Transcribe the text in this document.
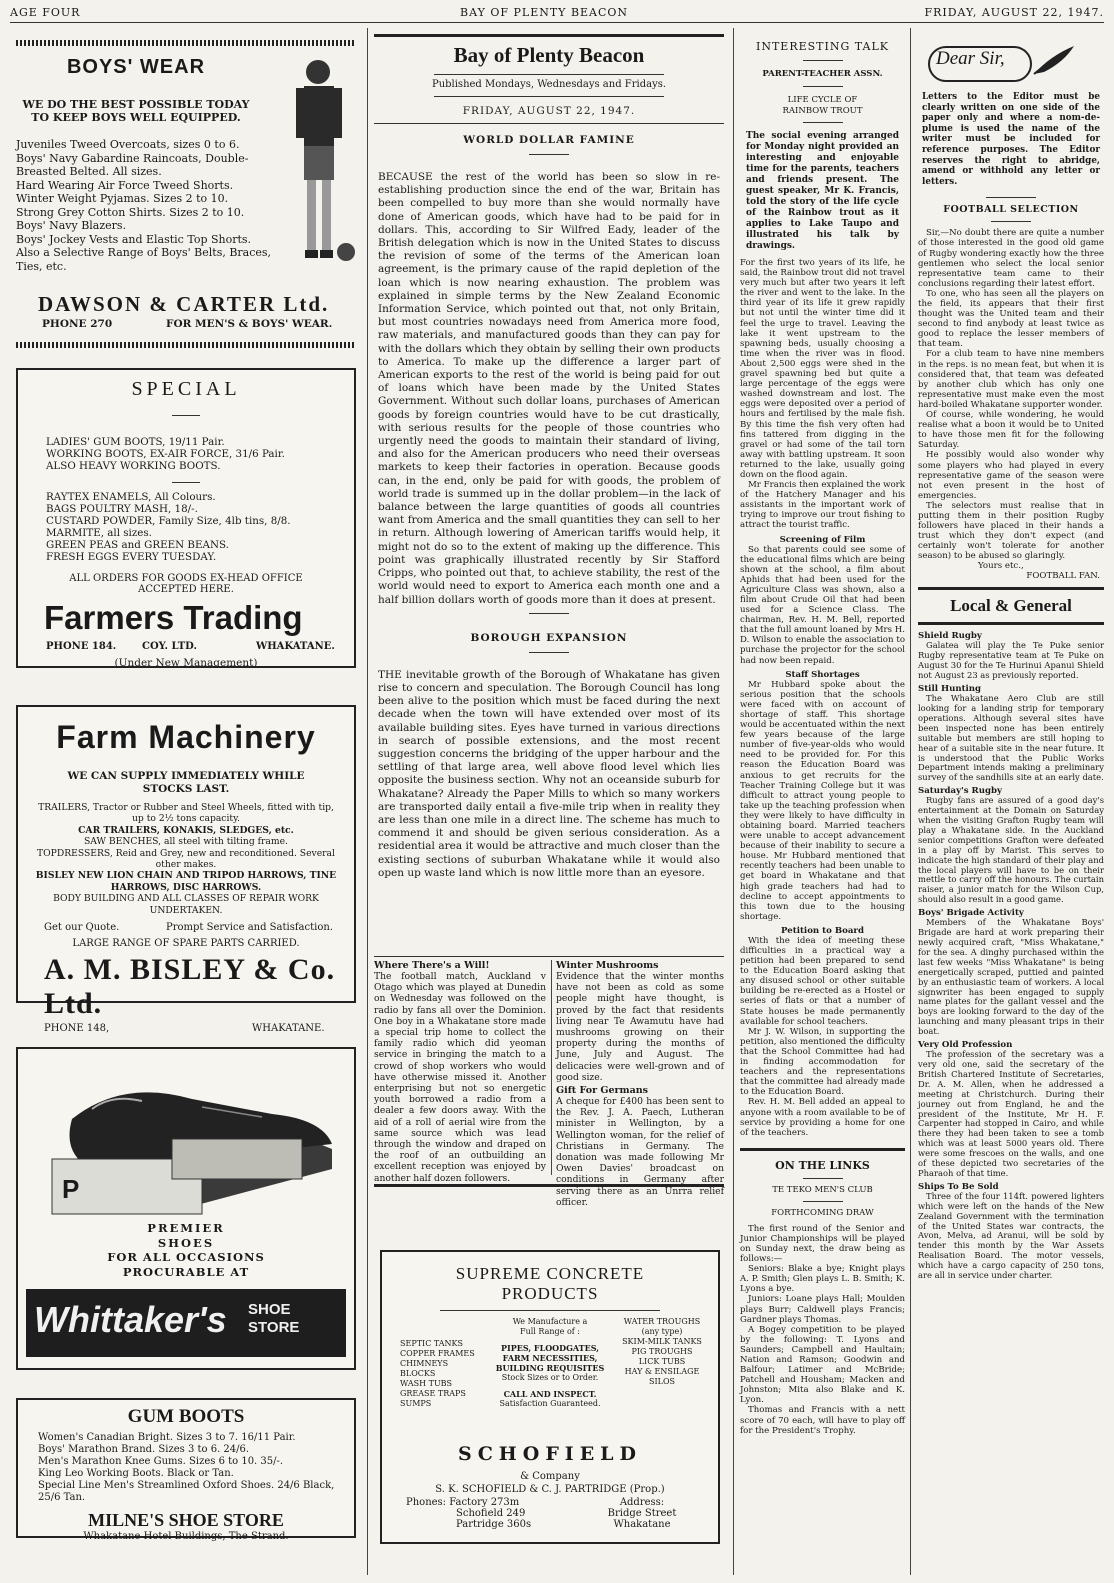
AGE FOUR	BAY OF PLENTY BEACON	FRIDAY, AUGUST 22, 1947.
BOYS' WEAR

WE DO THE BEST POSSIBLE TODAY TO KEEP BOYS WELL EQUIPPED.

Juveniles Tweed Overcoats, sizes 0 to 6.

Boys' Navy Gabardine Raincoats, Double-Breasted Belted. All sizes.

Hard Wearing Air Force Tweed Shorts.

Winter Weight Pyjamas. Sizes 2 to 10.

Strong Grey Cotton Shirts. Sizes 2 to 10.

Boys' Navy Blazers.

Boys' Jockey Vests and Elastic Top Shorts.

Also a Selective Range of Boys' Belts, Braces, Ties, etc.

DAWSON & CARTER Ltd.
PHONE 270	FOR MEN'S & BOYS' WEAR.
SPECIAL

LADIES' GUM BOOTS, 19/11 Pair.

WORKING BOOTS, EX-AIR FORCE, 31/6 Pair.

ALSO HEAVY WORKING BOOTS.

RAYTEX ENAMELS, All Colours.

BAGS POULTRY MASH, 18/-.

CUSTARD POWDER, Family Size, 4lb tins, 8/8.

MARMITE, all sizes.

GREEN PEAS and GREEN BEANS.

FRESH EGGS EVERY TUESDAY.

ALL ORDERS FOR GOODS EX-HEAD OFFICE ACCEPTED HERE.

Farmers Trading
PHONE 184.	COY. LTD.	WHAKATANE.

(Under New Management)

Farm Machinery

WE CAN SUPPLY IMMEDIATELY WHILE STOCKS LAST.

TRAILERS, Tractor or Rubber and Steel Wheels, fitted with tip, up to 2½ tons capacity.

CAR TRAILERS, KONAKIS, SLEDGES, etc.

SAW BENCHES, all steel with tilting frame.

TOPDRESSERS, Reid and Grey, new and reconditioned. Several other makes.

BISLEY NEW LION CHAIN AND TRIPOD HARROWS, TINE HARROWS, DISC HARROWS.

BODY BUILDING AND ALL CLASSES OF REPAIR WORK UNDERTAKEN.

Get our Quote.	Prompt Service and Satisfaction.

LARGE RANGE OF SPARE PARTS CARRIED.

A. M. BISLEY & Co. Ltd.
PHONE 148,	WHAKATANE.
P

PREMIER

SHOES

FOR ALL OCCASIONS

PROCURABLE AT

Whittaker's SHOE STORE
GUM BOOTS

Women's Canadian Bright. Sizes 3 to 7. 16/11 Pair.

Boys' Marathon Brand. Sizes 3 to 6. 24/6.

Men's Marathon Knee Gums. Sizes 6 to 10. 35/-.

King Leo Working Boots. Black or Tan.

Special Line Men's Streamlined Oxford Shoes. 24/6 Black, 25/6 Tan.

MILNE'S SHOE STORE

Whakatane Hotel Buildings, The Strand.

Bay of Plenty Beacon

Published Mondays, Wednesdays and Fridays.

FRIDAY, AUGUST 22, 1947.

WORLD DOLLAR FAMINE

BECAUSE the rest of the world has been so slow in re-establishing production since the end of the war, Britain has been compelled to buy more than she would normally have done of American goods, which have had to be paid for in dollars. This, according to Sir Wilfred Eady, leader of the British delegation which is now in the United States to discuss the revision of some of the terms of the American loan agreement, is the primary cause of the rapid depletion of the loan which is now nearing exhaustion. The problem was explained in simple terms by the New Zealand Economic Information Service, which pointed out that, not only Britain, but most countries nowadays need from America more food, raw materials, and manufactured goods than they can pay for with the dollars which they obtain by selling their own products to America. To make up the difference a larger part of American exports to the rest of the world is being paid for out of loans which have been made by the United States Government. Without such dollar loans, purchases of American goods by foreign countries would have to be cut drastically, with serious results for the people of those countries who urgently need the goods to maintain their standard of living, and also for the American producers who need their overseas markets to keep their factories in operation. Because goods can, in the end, only be paid for with goods, the problem of world trade is summed up in the dollar problem—in the lack of balance between the large quantities of goods all countries want from America and the small quantities they can sell to her in return. Although lowering of American tariffs would help, it might not do so to the extent of making up the difference. This point was graphically illustrated recently by Sir Stafford Cripps, who pointed out that, to achieve stability, the rest of the world would need to export to America each month one and a half billion dollars worth of goods more than it does at present.

BOROUGH EXPANSION

THE inevitable growth of the Borough of Whakatane has given rise to concern and speculation. The Borough Council has long been alive to the position which must be faced during the next decade when the town will have extended over most of its available building sites. Eyes have turned in various directions in search of possible extensions, and the most recent suggestion concerns the bridging of the upper harbour and the settling of that large area, well above flood level which lies opposite the business section. Why not an oceanside suburb for Whakatane? Already the Paper Mills to which so many workers are transported daily entail a five-mile trip when in reality they are less than one mile in a direct line. The scheme has much to commend it and should be given serious consideration. As a residential area it would be attractive and much closer than the existing sections of suburban Whakatane while it would also open up waste land which is now little more than an eyesore.

Where There's a Will!

The football match, Auckland v Otago which was played at Dunedin on Wednesday was followed on the radio by fans all over the Dominion. One boy in a Whakatane store made a special trip home to collect the family radio which did yeoman service in bringing the match to a crowd of shop workers who would have otherwise missed it. Another enterprising but not so energetic youth borrowed a radio from a dealer a few doors away. With the aid of a roll of aerial wire from the same source which was lead through the window and draped on the roof of an outbuilding an excellent reception was enjoyed by another half dozen followers.

Winter Mushrooms

Evidence that the winter months have not been as cold as some people might have thought, is proved by the fact that residents living near Te Awamutu have had mushrooms growing on their property during the months of June, July and August. The delicacies were well-grown and of good size.

Gift For Germans

A cheque for £400 has been sent to the Rev. J. A. Paech, Lutheran minister in Wellington, by a Wellington woman, for the relief of Christians in Germany. The donation was made following Mr Owen Davies' broadcast on conditions in Germany after serving there as an Unrra relief officer.

SUPREME CONCRETE PRODUCTS

SEPTIC TANKS

COPPER FRAMES

CHIMNEYS

BLOCKS

WASH TUBS

GREASE TRAPS

SUMPS

We Manufacture a Full Range of :

PIPES, FLOODGATES,

FARM NECESSITIES,

BUILDING REQUISITES

Stock Sizes or to Order.

CALL AND INSPECT.

Satisfaction Guaranteed.

WATER TROUGHS

(any type)

SKIM-MILK TANKS

PIG TROUGHS

LICK TUBS

HAY & ENSILAGE SILOS

SCHOFIELD

& Company

S. K. SCHOFIELD & C. J. PARTRIDGE (Prop.)

Phones: Factory 273m

Schofield 249

Partridge 360s

Address:

Bridge Street

Whakatane

INTERESTING TALK

PARENT-TEACHER ASSN.

LIFE CYCLE OF RAINBOW TROUT

The social evening arranged for Monday night provided an interesting and enjoyable time for the parents, teachers and friends present. The guest speaker, Mr K. Francis, told the story of the life cycle of the Rainbow trout as it applies to Lake Taupo and illustrated his talk by drawings.

For the first two years of its life, he said, the Rainbow trout did not travel very much but after two years it left the river and went to the lake. In the third year of its life it grew rapidly but not until the winter time did it feel the urge to travel. Leaving the lake it went upstream to the spawning beds, usually choosing a time when the river was in flood. About 2,500 eggs were shed in the gravel spawning bed but quite a large percentage of the eggs were washed downstream and lost. The eggs were deposited over a period of hours and fertilised by the male fish. By this time the fish very often had fins tattered from digging in the gravel or had some of the tail torn away with battling upstream. It soon returned to the lake, usually going down on the flood again.

Mr Francis then explained the work of the Hatchery Manager and his assistants in the important work of trying to improve our trout fishing to attract the tourist traffic.

Screening of Film

So that parents could see some of the educational films which are being shown at the school, a film about Aphids that had been used for the Agriculture Class was shown, also a film about Crude Oil that had been used for a Science Class. The chairman, Rev. H. M. Bell, reported that the full amount loaned by Mrs H. D. Wilson to enable the association to purchase the projector for the school had now been repaid.

Staff Shortages

Mr Hubbard spoke about the serious position that the schools were faced with on account of shortage of staff. This shortage would be accentuated within the next few years because of the large number of five-year-olds who would need to be provided for. For this reason the Education Board was anxious to get recruits for the Teacher Training College but it was difficult to attract young people to take up the teaching profession when they were likely to have difficulty in obtaining board. Married teachers were unable to accept advancement because of their inability to secure a house. Mr Hubbard mentioned that recently teachers had been unable to get board in Whakatane and that high grade teachers had had to decline to accept appointments to this town due to the housing shortage.

Petition to Board

With the idea of meeting these difficulties in a practical way a petition had been prepared to send to the Education Board asking that any disused school or other suitable building be re-erected as a Hostel or series of flats or that a number of State houses be made permanently available for school teachers.

Mr J. W. Wilson, in supporting the petition, also mentioned the difficulty that the School Committee had had in finding accommodation for teachers and the representations that the committee had already made to the Education Board.

Rev. H. M. Bell added an appeal to anyone with a room available to be of service by providing a home for one of the teachers.

ON THE LINKS

TE TEKO MEN'S CLUB

FORTHCOMING DRAW

The first round of the Senior and Junior Championships will be played on Sunday next, the draw being as follows:—

Seniors: Blake a bye; Knight plays A. P. Smith; Glen plays L. B. Smith; K. Lyons a bye.

Juniors: Loane plays Hall; Moulden plays Burr; Caldwell plays Francis; Gardner plays Thomas.

A Bogey competition to be played by the following: T. Lyons and Saunders; Campbell and Haultain; Nation and Ramson; Goodwin and Balfour; Latimer and McBride; Patchell and Housham; Macken and Johnston; Mita also Blake and K. Lyon.

Thomas and Francis with a nett score of 70 each, will have to play off for the President's Trophy.

Dear Sir,

Letters to the Editor must be clearly written on one side of the paper only and where a nom-de-plume is used the name of the writer must be included for reference purposes. The Editor reserves the right to abridge, amend or withhold any letter or letters.

FOOTBALL SELECTION

Sir,—No doubt there are quite a number of those interested in the good old game of Rugby wondering exactly how the three gentlemen who select the local senior representative team came to their conclusions regarding their latest effort.

To one, who has seen all the players on the field, its appears that their first thought was the United team and their second to find anybody at least twice as good to replace the lesser members of that team.

For a club team to have nine members in the reps. is no mean feat, but when it is considered that, that team was defeated by another club which has only one representative must make even the most hard-boiled Whakatane supporter wonder.

Of course, while wondering, he would realise what a boon it would be to United to have those men fit for the following Saturday.

He possibly would also wonder why some players who had played in every representative game of the season were not even present in the host of emergencies.

The selectors must realise that in putting them in their position Rugby followers have placed in their hands a trust which they don't expect (and certainly won't tolerate for another season) to be abused so glaringly.

Yours etc.,

FOOTBALL FAN.

Local & General

Shield Rugby

Galatea will play the Te Puke senior Rugby representative team at Te Puke on August 30 for the Te Hurinui Apanui Shield not August 23 as previously reported.

Still Hunting

The Whakatane Aero Club are still looking for a landing strip for temporary operations. Although several sites have been inspected none has been entirely suitable but members are still hoping to hear of a suitable site in the near future. It is understood that the Public Works Department intends making a preliminary survey of the sandhills site at an early date.

Saturday's Rugby

Rugby fans are assured of a good day's entertainment at the Domain on Saturday when the visiting Grafton Rugby team will play a Whakatane side. In the Auckland senior competitions Grafton were defeated in a play off by Marist. This serves to indicate the high standard of their play and the local players will have to be on their mettle to carry off the honours. The curtain raiser, a junior match for the Wilson Cup, should also result in a good game.

Boys' Brigade Activity

Members of the Whakatane Boys' Brigade are hard at work preparing their newly acquired craft, "Miss Whakatane," for the sea. A dinghy purchased within the last few weeks "Miss Whakatane" is being energetically scraped, puttied and painted by an enthusiastic team of workers. A local signwriter has been engaged to supply name plates for the gallant vessel and the boys are looking forward to the day of the launching and many pleasant trips in their boat.

Very Old Profession

The profession of the secretary was a very old one, said the secretary of the British Chartered Institute of Secretaries, Dr. A. M. Allen, when he addressed a meeting at Christchurch. During their journey out from England, he and the president of the Institute, Mr H. F. Carpenter had stopped in Cairo, and while there they had been taken to see a tomb which was at least 5000 years old. There were some frescoes on the walls, and one of these depicted two secretaries of the Pharaoh of that time.

Ships To Be Sold

Three of the four 114ft. powered lighters which were left on the hands of the New Zealand Government with the termination of the United States war contracts, the Avon, Melva, ad Aranui, will be sold by tender this month by the War Assets Realisation Board. The motor vessels, which have a cargo capacity of 250 tons, are all in service under charter.
